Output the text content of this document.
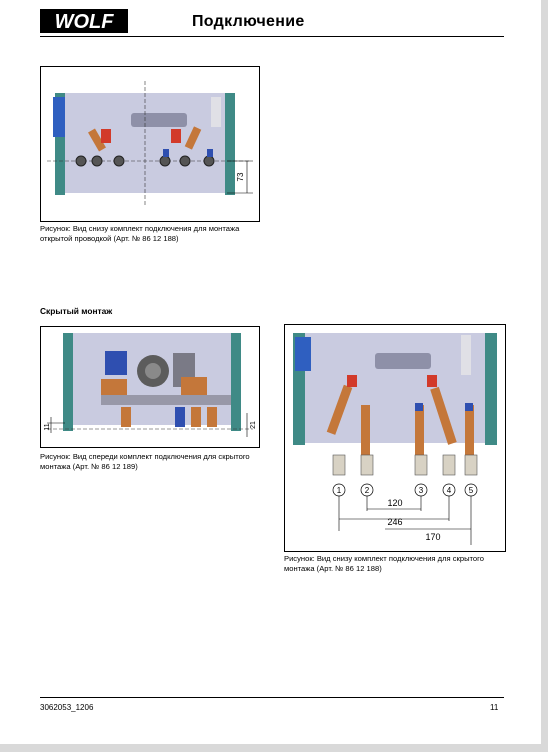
WOLF	Подключение
73
Рисунок: Вид снизу комплект подключения для монтажа открытой проводкой (Арт. № 86 12 188)
Скрытый монтаж
11	21
Рисунок: Вид спереди комплект подключения для скрытого монтажа (Арт. № 86 12 189)
1	2	3	4 5
120
246
170
Рисунок: Вид снизу комплект подключения для скрытого монтажа (Арт. № 86 12 188)
3062053_1206	11
